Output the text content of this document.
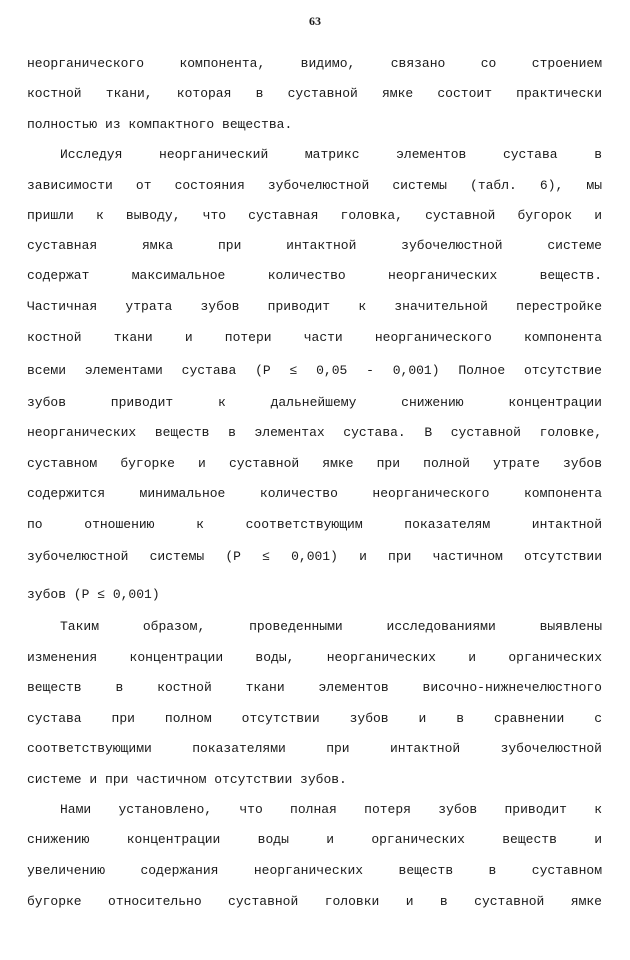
63
неорганического компонента, видимо, связано со строением
костной ткани, которая в суставной ямке состоит практически
полностью из компактного вещества.
Исследуя неорганический матрикс элементов сустава в
зависимости от состояния зубочелюстной системы (табл. 6), мы
пришли к выводу, что суставная головка, суставной бугорок и
суставная ямка при интактной зубочелюстной системе
содержат максимальное количество неорганических веществ.
Частичная утрата зубов приводит к значительной перестройке
костной ткани и потери части неорганического компонента
всеми элементами сустава (P ≤ 0,05 - 0,001) Полное отсутствие
зубов приводит к дальнейшему снижению концентрации
неорганических веществ в элементах сустава. В суставной головке,
суставном бугорке и суставной ямке при полной утрате зубов
содержится минимальное количество неорганического компонента
по отношению к соответствующим показателям интактной
зубочелюстной системы (P ≤ 0,001) и при частичном отсутствии
зубов (P ≤ 0,001)
Таким образом, проведенными исследованиями выявлены
изменения концентрации воды, неорганических и органических
веществ в костной ткани элементов височно-нижнечелюстного
сустава при полном отсутствии зубов и в сравнении с
соответствующими показателями при интактной зубочелюстной
системе и при частичном отсутствии зубов.
Нами установлено, что полная потеря зубов приводит к
снижению концентрации воды и органических веществ и
увеличению содержания неорганических веществ в суставном
бугорке относительно суставной головки и в суставной ямке
